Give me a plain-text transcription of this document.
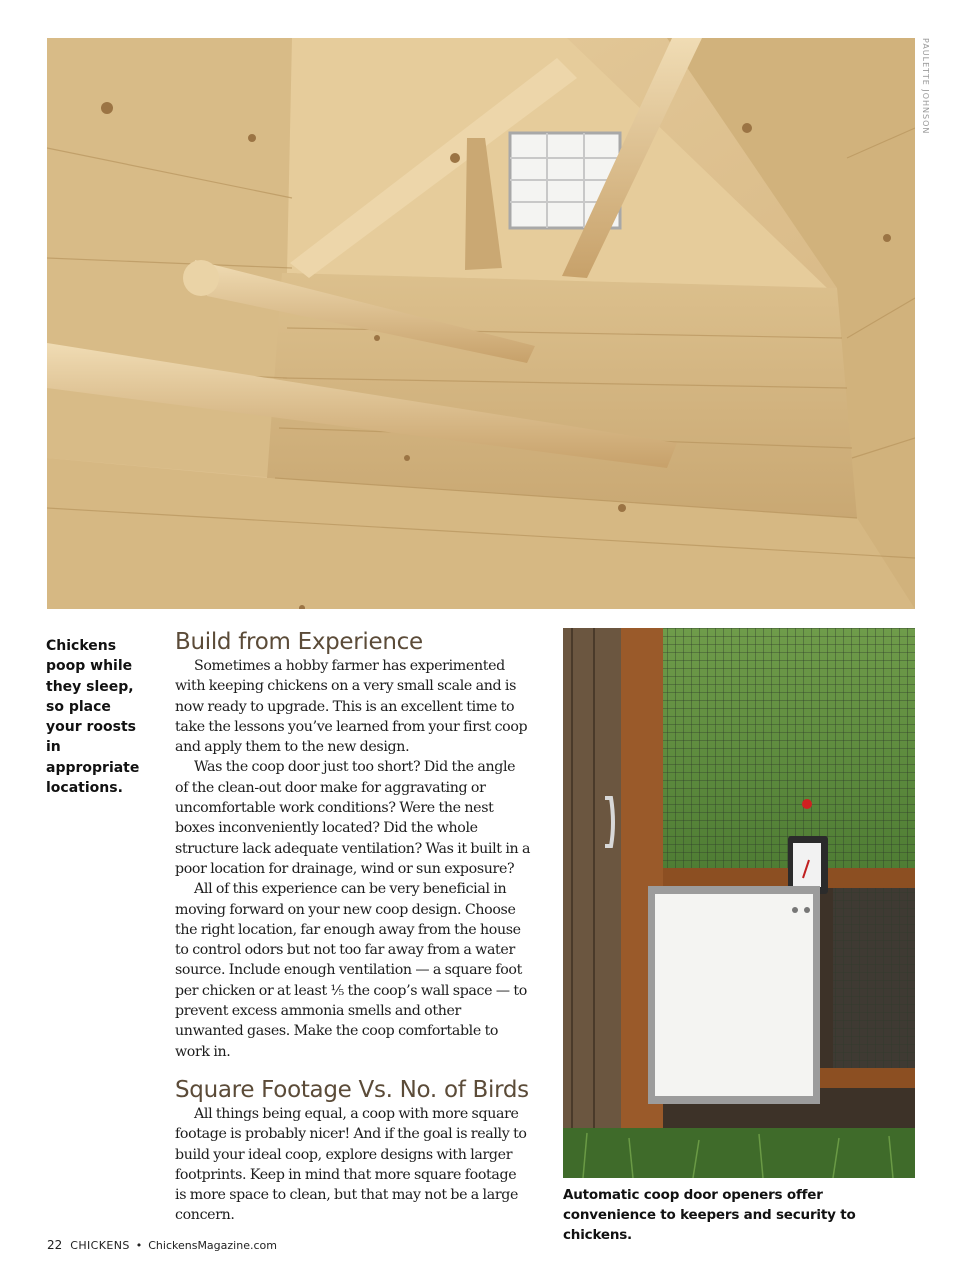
PAULETTE JOHNSON
Chickens poop while they sleep, so place your roosts in appropriate locations.
Build from Experience

Sometimes a hobby farmer has experimented with keeping chickens on a very small scale and is now ready to upgrade. This is an excellent time to take the lessons you’ve learned from your first coop and apply them to the new design.

Was the coop door just too short? Did the angle of the clean-out door make for aggravating or uncomfortable work conditions? Were the nest boxes inconveniently located? Did the whole structure lack adequate ventilation? Was it built in a poor location for drainage, wind or sun exposure?

All of this experience can be very beneficial in moving forward on your new coop design. Choose the right location, far enough away from the house to control odors but not too far away from a water source. Include enough ventilation — a square foot per chicken or at least ⅕ the coop’s wall space — to prevent excess ammonia smells and other unwanted gases. Make the coop comfortable to work in.

Square Footage Vs. No. of Birds

All things being equal, a coop with more square footage is probably nicer! And if the goal is really to build your ideal coop, explore designs with larger footprints. Keep in mind that more square footage is more space to clean, but that may not be a large concern.

Automatic coop door openers offer convenience to keepers and security to chickens.
22 CHICKENS • ChickensMagazine.com
